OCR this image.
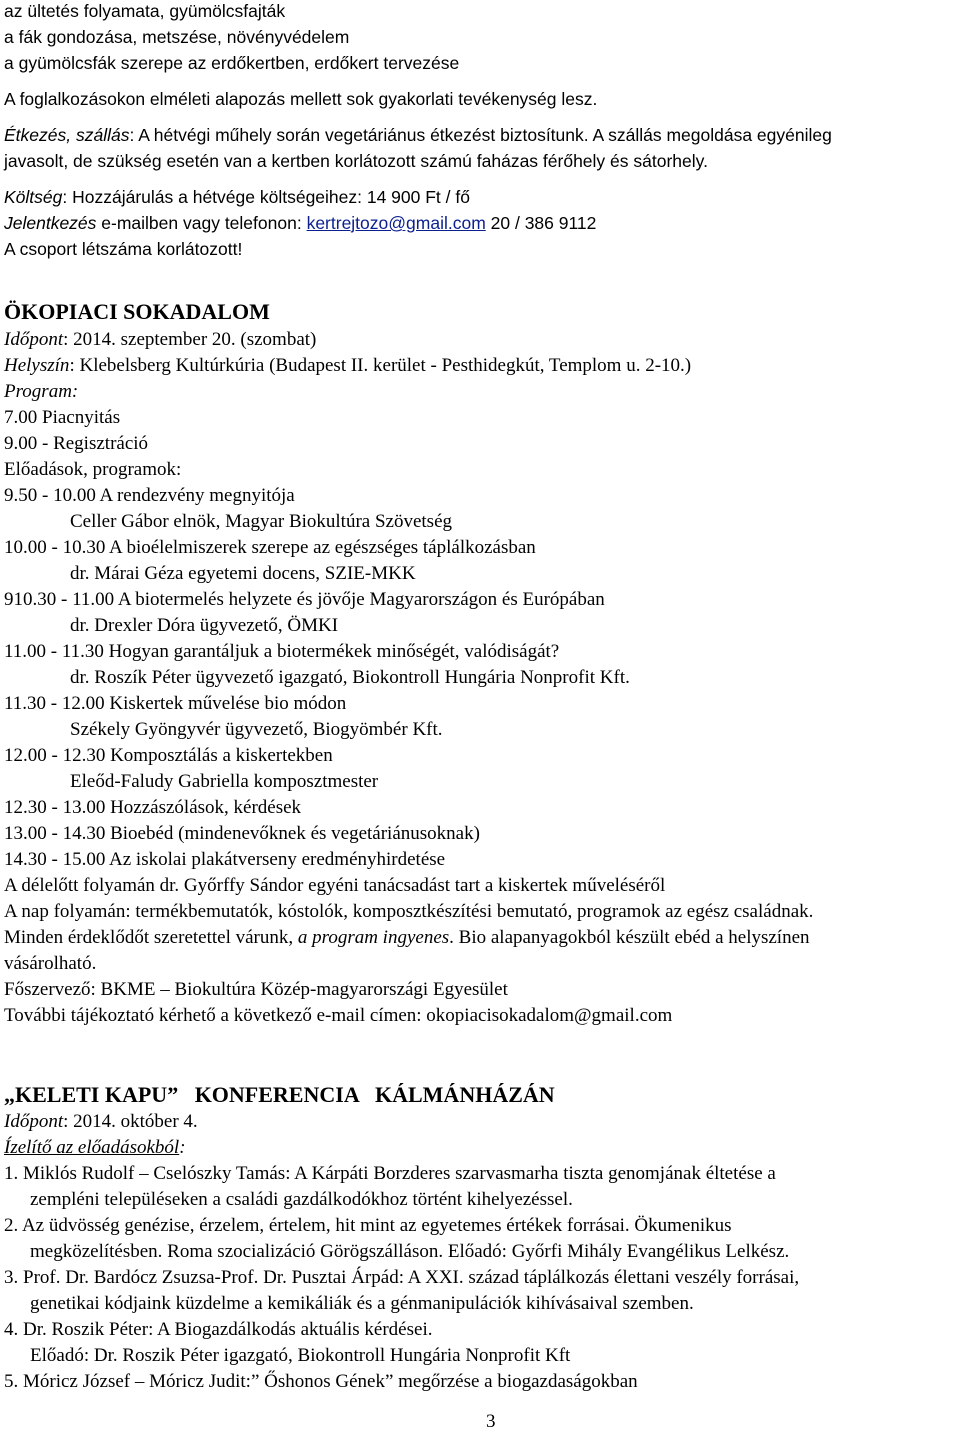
az ültetés folyamata, gyümölcsfajták
a fák gondozása, metszése, növényvédelem
a gyümölcsfák szerepe az erdőkertben, erdőkert tervezése
A foglalkozásokon elméleti alapozás mellett sok gyakorlati tevékenység lesz.
Étkezés, szállás: A hétvégi műhely során vegetáriánus étkezést biztosítunk. A szállás megoldása egyénileg
javasolt, de szükség esetén van a kertben korlátozott számú faházas férőhely és sátorhely.
Költség: Hozzájárulás a hétvége költségeihez: 14 900 Ft / fő
Jelentkezés e-mailben vagy telefonon: kertrejtozo@gmail.com 20 / 386 9112
A csoport létszáma korlátozott!
ÖKOPIACI SOKADALOM
Időpont: 2014. szeptember 20. (szombat)
Helyszín: Klebelsberg Kultúrkúria (Budapest II. kerület - Pesthidegkút, Templom u. 2-10.)
Program:
7.00 Piacnyitás
9.00 - Regisztráció
Előadások, programok:
9.50 - 10.00 A rendezvény megnyitója
Celler Gábor elnök, Magyar Biokultúra Szövetség
10.00 - 10.30 A bioélelmiszerek szerepe az egészséges táplálkozásban
dr. Márai Géza egyetemi docens, SZIE-MKK
910.30 - 11.00 A biotermelés helyzete és jövője Magyarországon és Európában
dr. Drexler Dóra ügyvezető, ÖMKI
11.00 - 11.30 Hogyan garantáljuk a biotermékek minőségét, valódiságát?
dr. Roszík Péter ügyvezető igazgató, Biokontroll Hungária Nonprofit Kft.
11.30 - 12.00 Kiskertek művelése bio módon
Székely Gyöngyvér ügyvezető, Biogyömbér Kft.
12.00 - 12.30 Komposztálás a kiskertekben
Eleőd-Faludy Gabriella komposztmester
12.30 - 13.00 Hozzászólások, kérdések
13.00 - 14.30 Bioebéd (mindenevőknek és vegetáriánusoknak)
14.30 - 15.00 Az iskolai plakátverseny eredményhirdetése
A délelőtt folyamán dr. Győrffy Sándor egyéni tanácsadást tart a kiskertek műveléséről
A nap folyamán: termékbemutatók, kóstolók, komposztkészítési bemutató, programok az egész családnak.
Minden érdeklődőt szeretettel várunk, a program ingyenes. Bio alapanyagokból készült ebéd a helyszínen
vásárolható.
Főszervező: BKME – Biokultúra Közép-magyarországi Egyesület
További tájékoztató kérhető a következő e-mail címen: okopiacisokadalom@gmail.com
„KELETI KAPU”   KONFERENCIA   KÁLMÁNHÁZÁN
Időpont: 2014. október 4.
Ízelítő az előadásokból:
1. Miklós Rudolf – Cselószky Tamás: A Kárpáti Borzderes szarvasmarha tiszta genomjának éltetése a
zempléni településeken a családi gazdálkodókhoz történt kihelyezéssel.
2. Az üdvösség genézise, érzelem, értelem, hit mint az egyetemes értékek forrásai. Ökumenikus
megközelítésben. Roma szocializáció Görögszálláson. Előadó: Győrfi Mihály Evangélikus Lelkész.
3. Prof. Dr. Bardócz Zsuzsa-Prof. Dr. Pusztai Árpád: A XXI. század táplálkozás élettani veszély forrásai,
genetikai kódjaink küzdelme a kemikáliák és a génmanipulációk kihívásaival szemben.
4. Dr. Roszik Péter: A Biogazdálkodás aktuális kérdései.
Előadó: Dr. Roszik Péter igazgató, Biokontroll Hungária Nonprofit Kft
5. Móricz József – Móricz Judit:” Őshonos Gének” megőrzése a biogazdaságokban
3
